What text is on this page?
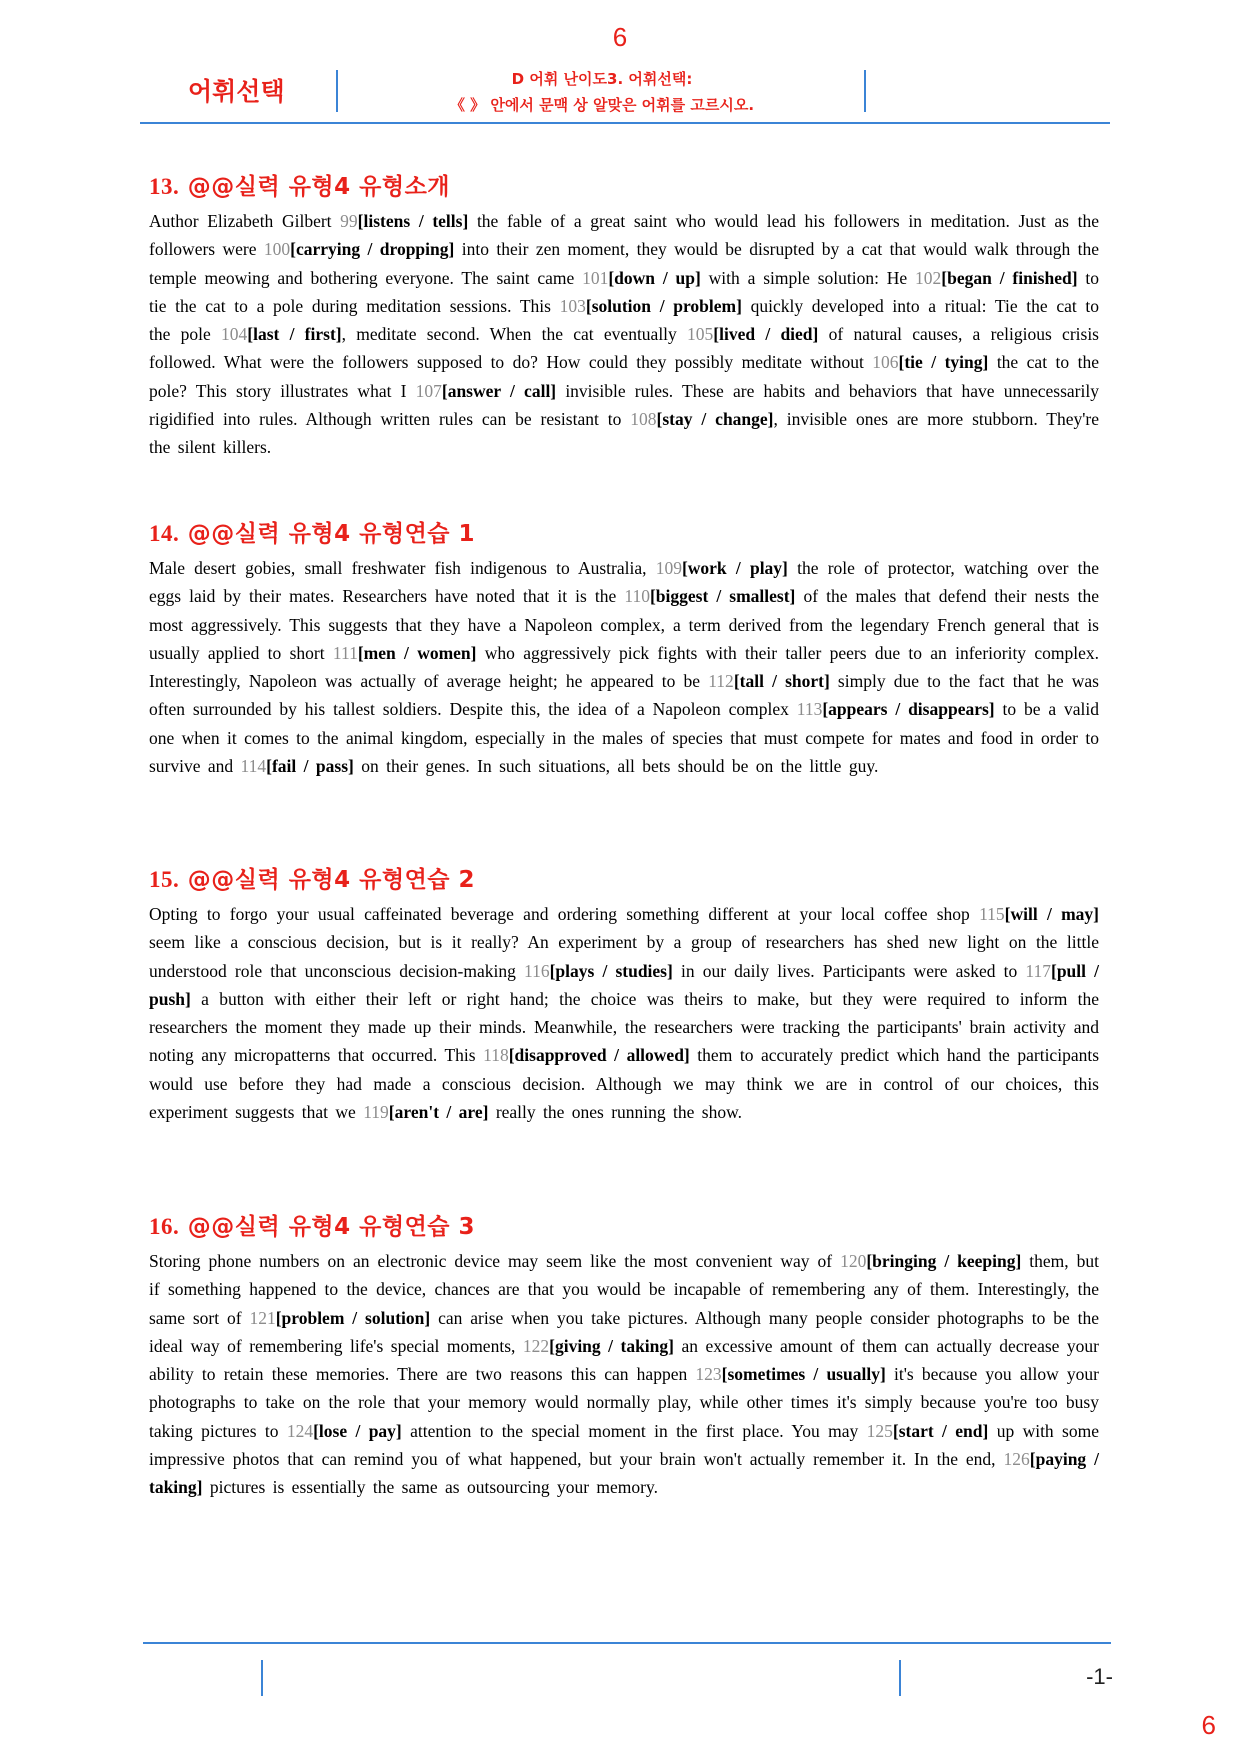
6
어휘선택	D 어휘 난이도3. 어휘선택:
《 》 안에서 문맥 상 알맞은 어휘를 고르시오.
13. @@실력 유형4 유형소개

Author Elizabeth Gilbert 99[listens / tells] the fable of a great saint who would lead his followers in meditation. Just as the followers were 100[carrying / dropping] into their zen moment, they would be disrupted by a cat that would walk through the temple meowing and bothering everyone. The saint came 101[down / up] with a simple solution: He 102[began / finished] to tie the cat to a pole during meditation sessions. This 103[solution / problem] quickly developed into a ritual: Tie the cat to the pole 104[last / first], meditate second. When the cat eventually 105[lived / died] of natural causes, a religious crisis followed. What were the followers supposed to do? How could they possibly meditate without 106[tie / tying] the cat to the pole? This story illustrates what I 107[answer / call] invisible rules. These are habits and behaviors that have unnecessarily rigidified into rules. Although written rules can be resistant to 108[stay / change], invisible ones are more stubborn. They're the silent killers.

14. @@실력 유형4 유형연습 1

Male desert gobies, small freshwater fish indigenous to Australia, 109[work / play] the role of protector, watching over the eggs laid by their mates. Researchers have noted that it is the 110[biggest / smallest] of the males that defend their nests the most aggressively. This suggests that they have a Napoleon complex, a term derived from the legendary French general that is usually applied to short 111[men / women] who aggressively pick fights with their taller peers due to an inferiority complex. Interestingly, Napoleon was actually of average height; he appeared to be 112[tall / short] simply due to the fact that he was often surrounded by his tallest soldiers. Despite this, the idea of a Napoleon complex 113[appears / disappears] to be a valid one when it comes to the animal kingdom, especially in the males of species that must compete for mates and food in order to survive and 114[fail / pass] on their genes. In such situations, all bets should be on the little guy.

15. @@실력 유형4 유형연습 2

Opting to forgo your usual caffeinated beverage and ordering something different at your local coffee shop 115[will / may] seem like a conscious decision, but is it really? An experiment by a group of researchers has shed new light on the little understood role that unconscious decision-making 116[plays / studies] in our daily lives. Participants were asked to 117[pull / push] a button with either their left or right hand; the choice was theirs to make, but they were required to inform the researchers the moment they made up their minds. Meanwhile, the researchers were tracking the participants' brain activity and noting any micropatterns that occurred. This 118[disapproved / allowed] them to accurately predict which hand the participants would use before they had made a conscious decision. Although we may think we are in control of our choices, this experiment suggests that we 119[aren't / are] really the ones running the show.

16. @@실력 유형4 유형연습 3

Storing phone numbers on an electronic device may seem like the most convenient way of 120[bringing / keeping] them, but if something happened to the device, chances are that you would be incapable of remembering any of them. Interestingly, the same sort of 121[problem / solution] can arise when you take pictures. Although many people consider photographs to be the ideal way of remembering life's special moments, 122[giving / taking] an excessive amount of them can actually decrease your ability to retain these memories. There are two reasons this can happen 123[sometimes / usually] it's because you allow your photographs to take on the role that your memory would normally play, while other times it's simply because you're too busy taking pictures to 124[lose / pay] attention to the special moment in the first place. You may 125[start / end] up with some impressive photos that can remind you of what happened, but your brain won't actually remember it. In the end, 126[paying / taking] pictures is essentially the same as outsourcing your memory.

-1-
6
